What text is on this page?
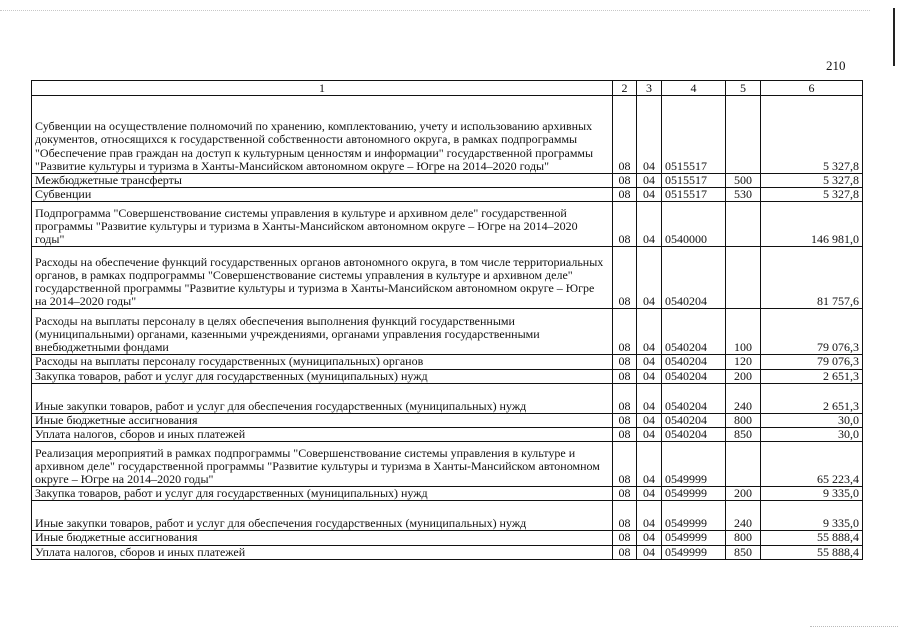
210
1	2	3	4	5	6
Субвенции на осуществление полномочий по хранению, комплектованию, учету и использованию архивных документов, относящихся к государственной собственности автономного округа, в рамках подпрограммы "Обеспечение прав граждан на доступ к культурным ценностям и информации" государственной программы "Развитие культуры и туризма в Ханты-Мансийском автономном округе – Югре на 2014–2020 годы"	08	04	0515517		5 327,8
Межбюджетные трансферты	08	04	0515517	500	5 327,8
Субвенции	08	04	0515517	530	5 327,8
Подпрограмма "Совершенствование системы управления в культуре и архивном деле" государственной программы "Развитие культуры и туризма в Ханты-Мансийском автономном округе – Югре на 2014–2020 годы"	08	04	0540000		146 981,0
Расходы на обеспечение функций государственных органов автономного округа, в том числе территориальных органов, в рамках подпрограммы "Совершенствование системы управления в культуре и архивном деле" государственной программы "Развитие культуры и туризма в Ханты-Мансийском автономном округе – Югре на 2014–2020 годы"	08	04	0540204		81 757,6
Расходы на выплаты персоналу в целях обеспечения выполнения функций государственными (муниципальными) органами, казенными учреждениями, органами управления государственными внебюджетными фондами	08	04	0540204	100	79 076,3
Расходы на выплаты персоналу государственных (муниципальных) органов	08	04	0540204	120	79 076,3
Закупка товаров, работ и услуг для государственных (муниципальных) нужд	08	04	0540204	200	2 651,3
Иные закупки товаров, работ и услуг для обеспечения государственных (муниципальных) нужд	08	04	0540204	240	2 651,3
Иные бюджетные ассигнования	08	04	0540204	800	30,0
Уплата налогов, сборов и иных платежей	08	04	0540204	850	30,0
Реализация мероприятий в рамках подпрограммы "Совершенствование системы управления в культуре и архивном деле" государственной программы "Развитие культуры и туризма в Ханты-Мансийском автономном округе – Югре на 2014–2020 годы"	08	04	0549999		65 223,4
Закупка товаров, работ и услуг для государственных (муниципальных) нужд	08	04	0549999	200	9 335,0
Иные закупки товаров, работ и услуг для обеспечения государственных (муниципальных) нужд	08	04	0549999	240	9 335,0
Иные бюджетные ассигнования	08	04	0549999	800	55 888,4
Уплата налогов, сборов и иных платежей	08	04	0549999	850	55 888,4
